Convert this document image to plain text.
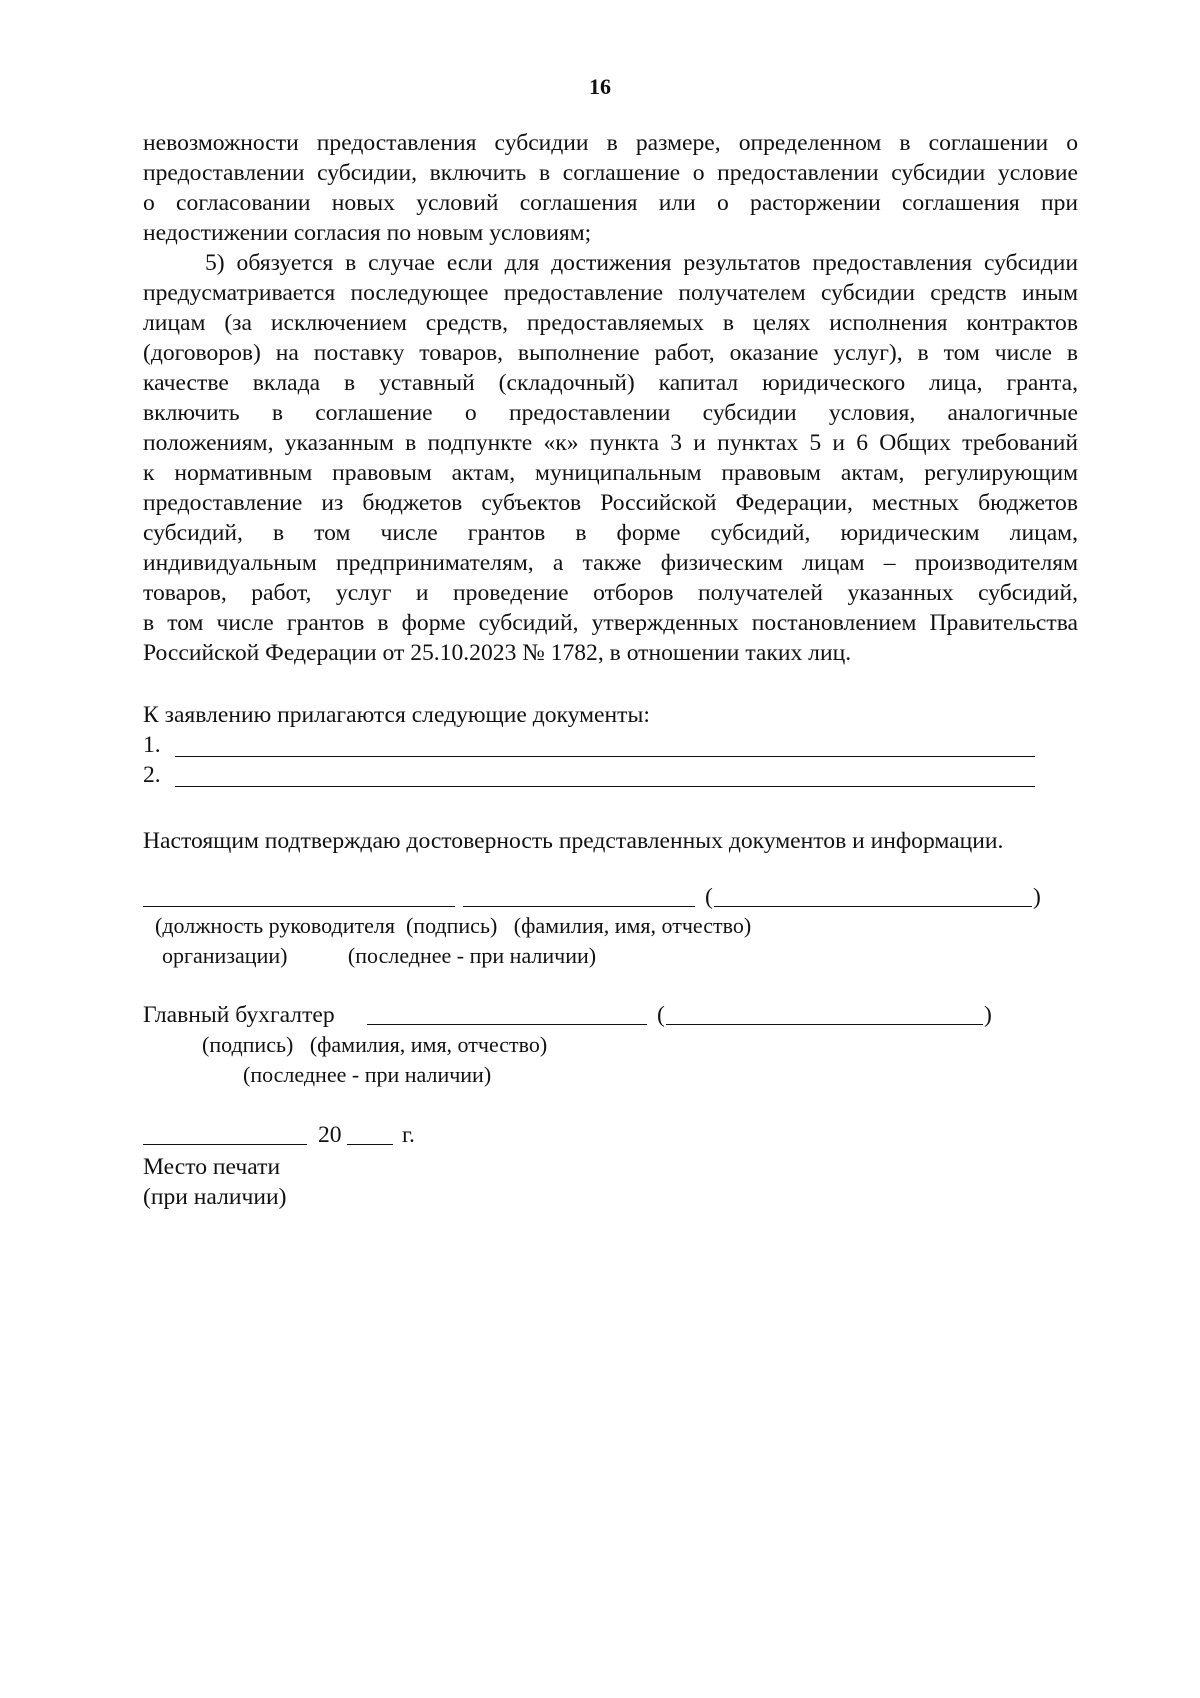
16
невозможности предоставления субсидии в размере, определенном в соглашении о
предоставлении субсидии, включить в соглашение о предоставлении субсидии условие
о согласовании новых условий соглашения или о расторжении соглашения при
недостижении согласия по новым условиям;
5) обязуется в случае если для достижения результатов предоставления субсидии
предусматривается последующее предоставление получателем субсидии средств иным
лицам (за исключением средств, предоставляемых в целях исполнения контрактов
(договоров) на поставку товаров, выполнение работ, оказание услуг), в том числе в
качестве вклада в уставный (складочный) капитал юридического лица, гранта,
включить в соглашение о предоставлении субсидии условия, аналогичные
положениям, указанным в подпункте «к» пункта 3 и пунктах 5 и 6 Общих требований
к нормативным правовым актам, муниципальным правовым актам, регулирующим
предоставление из бюджетов субъектов Российской Федерации, местных бюджетов
субсидий, в том числе грантов в форме субсидий, юридическим лицам,
индивидуальным предпринимателям, а также физическим лицам – производителям
товаров, работ, услуг и проведение отборов получателей указанных субсидий,
в том числе грантов в форме субсидий, утвержденных постановлением Правительства
Российской Федерации от 25.10.2023 № 1782, в отношении таких лиц.
К заявлению прилагаются следующие документы:
1.
2.
Настоящим подтверждаю достоверность представленных документов и информации.
(	)
(должность руководителя  (подпись)   (фамилия, имя, отчество)
организации)           (последнее - при наличии)
Главный бухгалтер	(	)
(подпись)   (фамилия, имя, отчество)
(последнее - при наличии)
20	г.
Место печати
(при наличии)
